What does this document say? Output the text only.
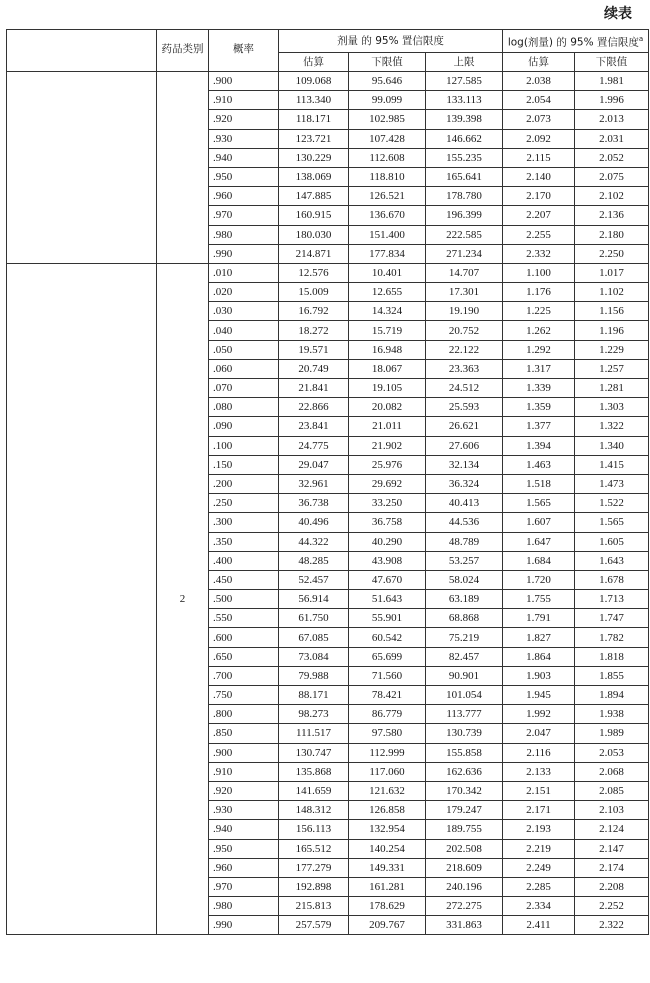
续表
	药品类别	概率	剂量 的 95% 置信限度			log(剂量) 的 95% 置信限度$^a$
			估算	下限值	上限	估算	下限值	
		.900	109.068	95.646	127.585	2.038	1.981	
		.910	113.340	99.099	133.113	2.054	1.996	
		.920	118.171	102.985	139.398	2.073	2.013	
		.930	123.721	107.428	146.662	2.092	2.031	
		.940	130.229	112.608	155.235	2.115	2.052	
		.950	138.069	118.810	165.641	2.140	2.075	
		.960	147.885	126.521	178.780	2.170	2.102	
		.970	160.915	136.670	196.399	2.207	2.136	
		.980	180.030	151.400	222.585	2.255	2.180	
		.990	214.871	177.834	271.234	2.332	2.250	
	2	.010	12.576	10.401	14.707	1.100	1.017	
		.020	15.009	12.655	17.301	1.176	1.102	
		.030	16.792	14.324	19.190	1.225	1.156	
		.040	18.272	15.719	20.752	1.262	1.196	
		.050	19.571	16.948	22.122	1.292	1.229	
		.060	20.749	18.067	23.363	1.317	1.257	
		.070	21.841	19.105	24.512	1.339	1.281	
		.080	22.866	20.082	25.593	1.359	1.303	
		.090	23.841	21.011	26.621	1.377	1.322	
		.100	24.775	21.902	27.606	1.394	1.340	
		.150	29.047	25.976	32.134	1.463	1.415	
		.200	32.961	29.692	36.324	1.518	1.473	
		.250	36.738	33.250	40.413	1.565	1.522	
		.300	40.496	36.758	44.536	1.607	1.565	
		.350	44.322	40.290	48.789	1.647	1.605	
		.400	48.285	43.908	53.257	1.684	1.643	
		.450	52.457	47.670	58.024	1.720	1.678	
		.500	56.914	51.643	63.189	1.755	1.713	
		.550	61.750	55.901	68.868	1.791	1.747	
		.600	67.085	60.542	75.219	1.827	1.782	
		.650	73.084	65.699	82.457	1.864	1.818	
		.700	79.988	71.560	90.901	1.903	1.855	
		.750	88.171	78.421	101.054	1.945	1.894	
		.800	98.273	86.779	113.777	1.992	1.938	
		.850	111.517	97.580	130.739	2.047	1.989	
		.900	130.747	112.999	155.858	2.116	2.053	
		.910	135.868	117.060	162.636	2.133	2.068	
		.920	141.659	121.632	170.342	2.151	2.085	
		.930	148.312	126.858	179.247	2.171	2.103	
		.940	156.113	132.954	189.755	2.193	2.124	
		.950	165.512	140.254	202.508	2.219	2.147	
		.960	177.279	149.331	218.609	2.249	2.174	
		.970	192.898	161.281	240.196	2.285	2.208	
		.980	215.813	178.629	272.275	2.334	2.252	
		.990	257.579	209.767	331.863	2.411	2.322	
